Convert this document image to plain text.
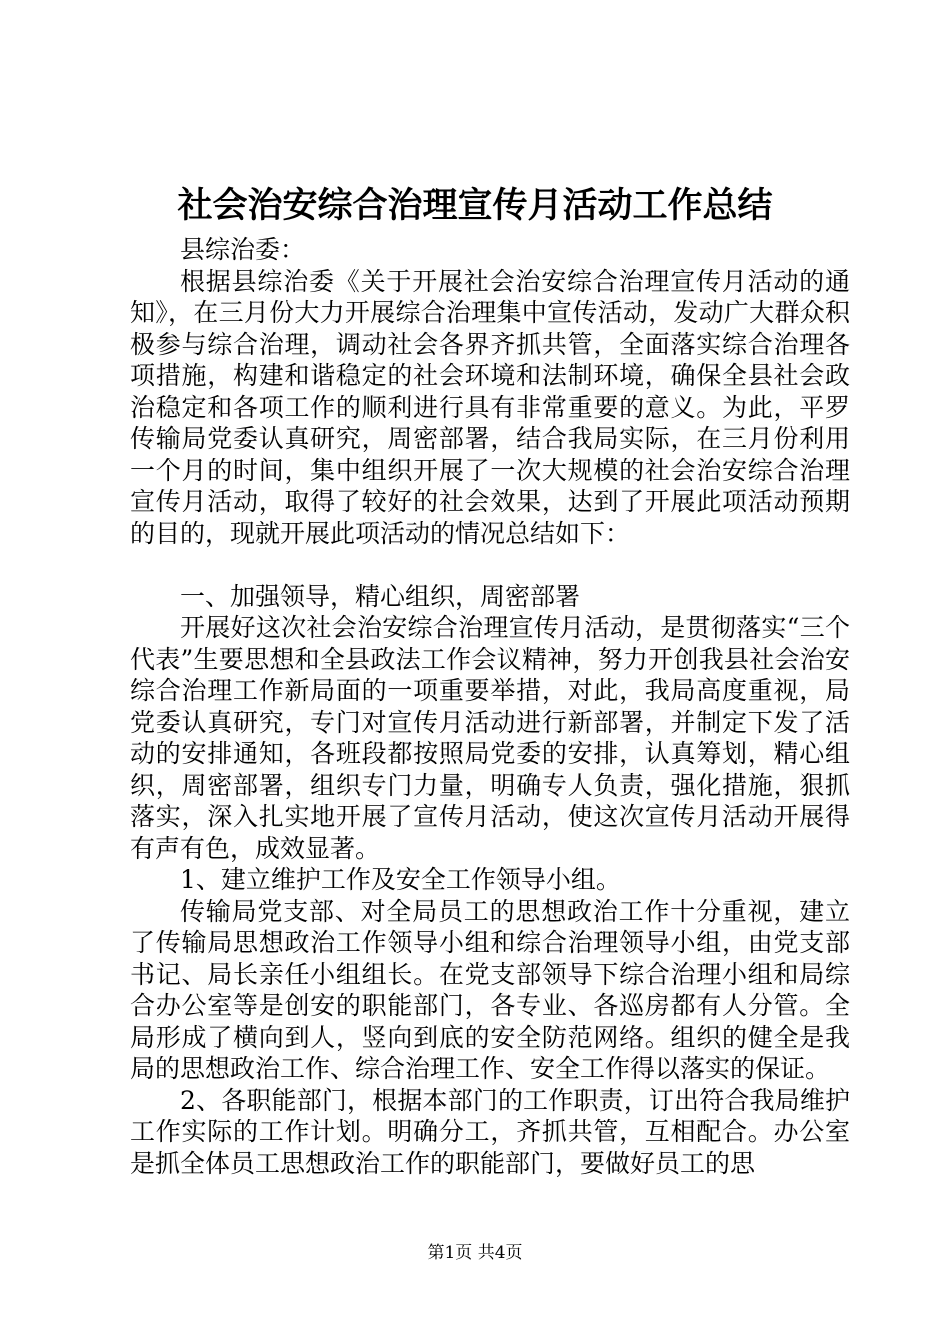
社会治安综合治理宣传月活动工作总结

县综治委：

根据县综治委《关于开展社会治安综合治理宣传月活动的通知》，在三月份大力开展综合治理集中宣传活动，发动广大群众积极参与综合治理，调动社会各界齐抓共管，全面落实综合治理各项措施，构建和谐稳定的社会环境和法制环境，确保全县社会政治稳定和各项工作的顺利进行具有非常重要的意义。为此，平罗传输局党委认真研究，周密部署，结合我局实际，在三月份利用一个月的时间，集中组织开展了一次大规模的社会治安综合治理宣传月活动，取得了较好的社会效果，达到了开展此项活动预期的目的，现就开展此项活动的情况总结如下：

一、加强领导，精心组织，周密部署

开展好这次社会治安综合治理宣传月活动，是贯彻落实“三个代表”生要思想和全县政法工作会议精神，努力开创我县社会治安综合治理工作新局面的一项重要举措，对此，我局高度重视，局党委认真研究，专门对宣传月活动进行新部署，并制定下发了活动的安排通知，各班段都按照局党委的安排，认真筹划，精心组织，周密部署，组织专门力量，明确专人负责，强化措施，狠抓落实，深入扎实地开展了宣传月活动，使这次宣传月活动开展得有声有色，成效显著。

1、建立维护工作及安全工作领导小组。

传输局党支部、对全局员工的思想政治工作十分重视，建立了传输局思想政治工作领导小组和综合治理领导小组，由党支部书记、局长亲任小组组长。在党支部领导下综合治理小组和局综合办公室等是创安的职能部门，各专业、各巡房都有人分管。全局形成了横向到人，竖向到底的安全防范网络。组织的健全是我局的思想政治工作、综合治理工作、安全工作得以落实的保证。

2、各职能部门，根据本部门的工作职责，订出符合我局维护工作实际的工作计划。明确分工，齐抓共管，互相配合。办公室是抓全体员工思想政治工作的职能部门，要做好员工的思

第1页 共4页
